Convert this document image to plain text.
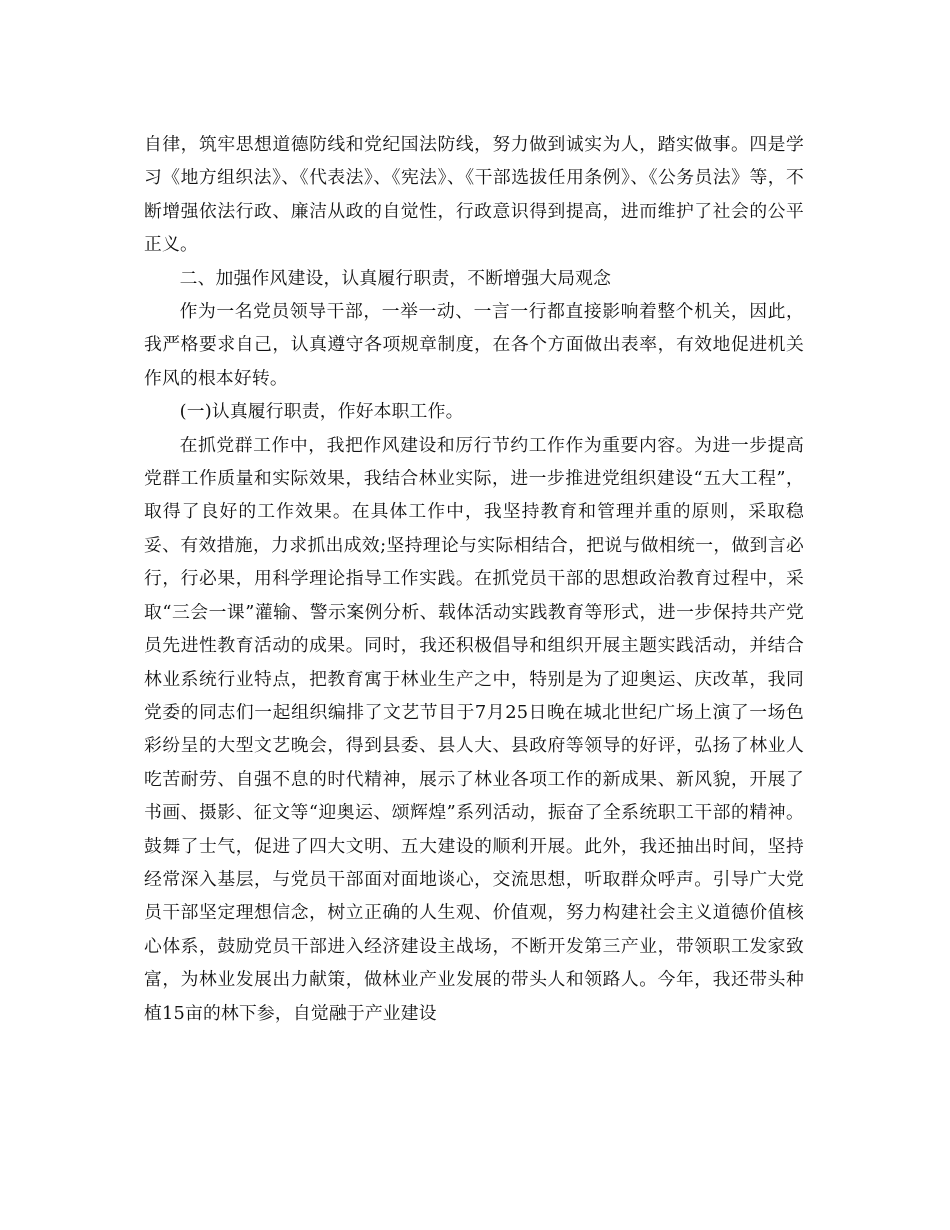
自律，筑牢思想道德防线和党纪国法防线，努力做到诚实为人，踏实做事。四是学习《地方组织法》、《代表法》、《宪法》、《干部选拔任用条例》、《公务员法》等，不断增强依法行政、廉洁从政的自觉性，行政意识得到提高，进而维护了社会的公平正义。

二、加强作风建设，认真履行职责，不断增强大局观念

作为一名党员领导干部，一举一动、一言一行都直接影响着整个机关，因此，我严格要求自己，认真遵守各项规章制度，在各个方面做出表率，有效地促进机关作风的根本好转。

(一)认真履行职责，作好本职工作。

在抓党群工作中，我把作风建设和厉行节约工作作为重要内容。为进一步提高党群工作质量和实际效果，我结合林业实际，进一步推进党组织建设“五大工程”，取得了良好的工作效果。在具体工作中，我坚持教育和管理并重的原则，采取稳妥、有效措施，力求抓出成效;坚持理论与实际相结合，把说与做相统一，做到言必行，行必果，用科学理论指导工作实践。在抓党员干部的思想政治教育过程中，采取“三会一课”灌输、警示案例分析、载体活动实践教育等形式，进一步保持共产党员先进性教育活动的成果。同时，我还积极倡导和组织开展主题实践活动，并结合林业系统行业特点，把教育寓于林业生产之中，特别是为了迎奥运、庆改革，我同党委的同志们一起组织编排了文艺节目于7月25日晚在城北世纪广场上演了一场色彩纷呈的大型文艺晚会，得到县委、县人大、县政府等领导的好评，弘扬了林业人吃苦耐劳、自强不息的时代精神，展示了林业各项工作的新成果、新风貌，开展了书画、摄影、征文等“迎奥运、颂辉煌”系列活动，振奋了全系统职工干部的精神。鼓舞了士气，促进了四大文明、五大建设的顺利开展。此外，我还抽出时间，坚持经常深入基层，与党员干部面对面地谈心，交流思想，听取群众呼声。引导广大党员干部坚定理想信念，树立正确的人生观、价值观，努力构建社会主义道德价值核心体系，鼓励党员干部进入经济建设主战场，不断开发第三产业，带领职工发家致富，为林业发展出力献策，做林业产业发展的带头人和领路人。今年，我还带头种植15亩的林下参，自觉融于产业建设
